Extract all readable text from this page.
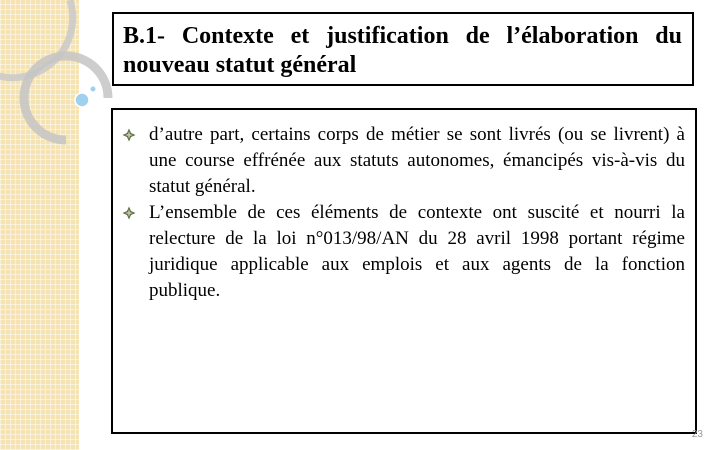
B.1- Contexte et justification de l’élaboration du nouveau statut général
d’autre part, certains corps de métier se sont livrés (ou se livrent) à une course effrénée aux statuts autonomes, émancipés vis-à-vis du statut général.
L’ensemble de ces éléments de contexte ont suscité et nourri la relecture de la loi n°013/98/AN du 28 avril 1998 portant régime juridique applicable aux emplois et aux agents de la fonction publique.
23
